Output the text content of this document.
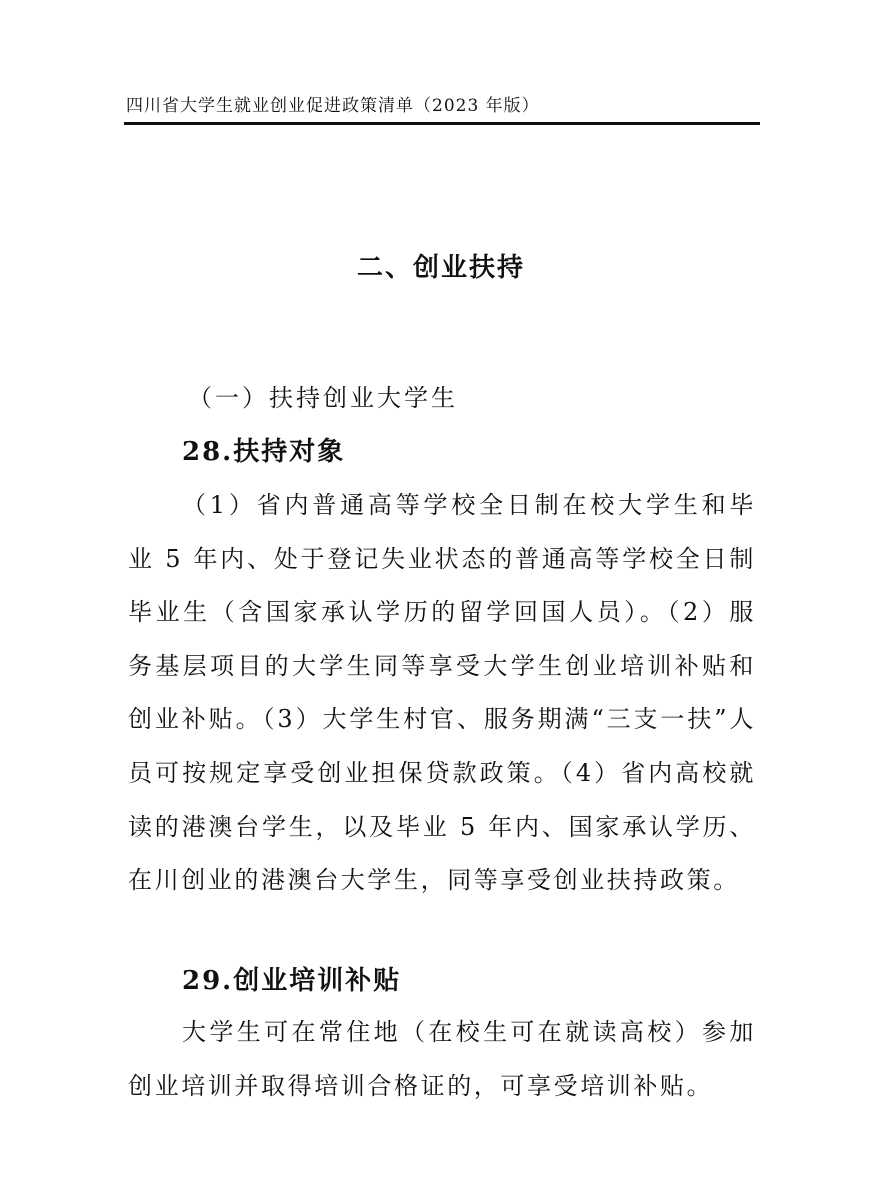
四川省大学生就业创业促进政策清单（2023 年版）
二、创业扶持
（一）扶持创业大学生
28.扶持对象

（1）省内普通高等学校全日制在校大学生和毕业 5 年内、处于登记失业状态的普通高等学校全日制毕业生（含国家承认学历的留学回国人员）。（2）服务基层项目的大学生同等享受大学生创业培训补贴和创业补贴。（3）大学生村官、服务期满“三支一扶”人员可按规定享受创业担保贷款政策。（4）省内高校就读的港澳台学生，以及毕业 5 年内、国家承认学历、在川创业的港澳台大学生，同等享受创业扶持政策。

29.创业培训补贴

大学生可在常住地（在校生可在就读高校）参加创业培训并取得培训合格证的，可享受培训补贴。
